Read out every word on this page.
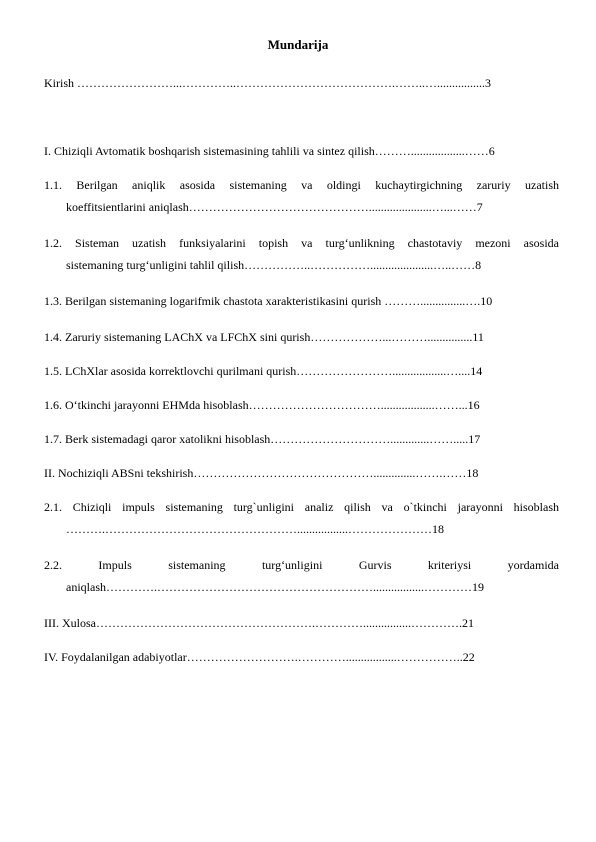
Mundarija
Kirish ……………………...…………..………………………………….……..…................3
I. Chiziqli Avtomatik boshqarish sistemasining tahlili va sintez qilish………..................……6
1.1. Berilgan aniqlik asosida sistemaning va oldingi kuchaytirgichning zaruriy uzatish
koeffitsientlarini aniqlash……………………………………….....................…...……7
1.2. Sisteman uzatish funksiyalarini topish va turg‘unlikning chastotaviy mezoni asosida
sistemaning turg‘unligini tahlil qilish……………..…………….....................…..……8
1.3. Berilgan sistemaning logarifmik chastota xarakteristikasini qurish ………...............….10
1.4. Zaruriy sistemaning LAChX va LFChX sini qurish………………...………...............11
1.5. LChXlar asosida korrektlovchi qurilmani qurish……………………..................…....14
1.6. O‘tkinchi jarayonni EHMda hisoblash……………………………..................……...16
1.7. Berk sistemadagi qaror xatolikni hisoblash………………………….............…….....17
II. Nochiziqli ABSni tekshirish………………………………………..............…….……18
2.1. Chiziqli impuls sistemaning turg`unligini analiz qilish va o`tkinchi jarayonni hisoblash
……….………………………………………….................…………………18
2.2. Impuls sistemaning turg‘unligini Gurvis kriteriysi yordamida
aniqlash………….……………………………………………….................…………19
III. Xulosa……………………………………………….…………................………….21
IV. Foydalanilgan adabiyotlar……………………….………….................……………..22
